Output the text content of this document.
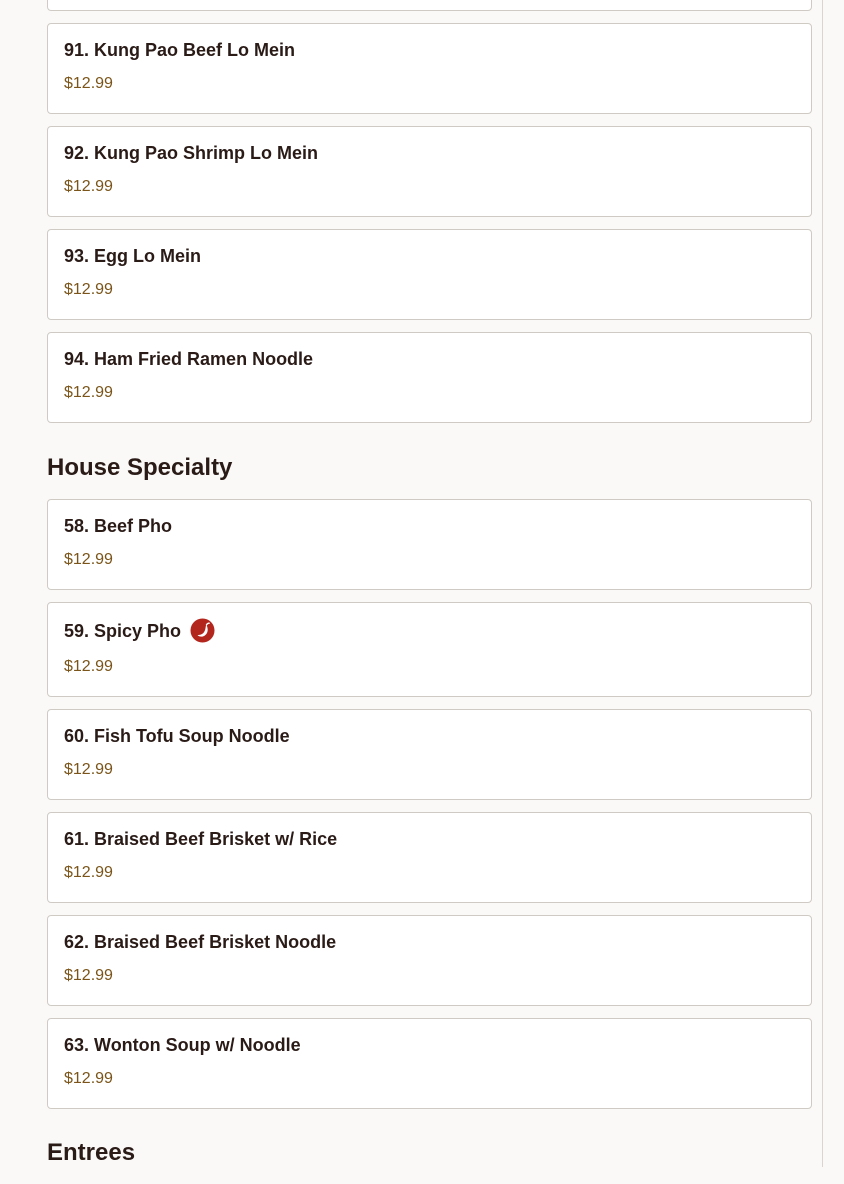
91. Kung Pao Beef Lo Mein
$12.99
92. Kung Pao Shrimp Lo Mein
$12.99
93. Egg Lo Mein
$12.99
94. Ham Fried Ramen Noodle
$12.99
House Specialty
58. Beef Pho
$12.99
59. Spicy Pho
$12.99
60. Fish Tofu Soup Noodle
$12.99
61. Braised Beef Brisket w/ Rice
$12.99
62. Braised Beef Brisket Noodle
$12.99
63. Wonton Soup w/ Noodle
$12.99
Entrees
